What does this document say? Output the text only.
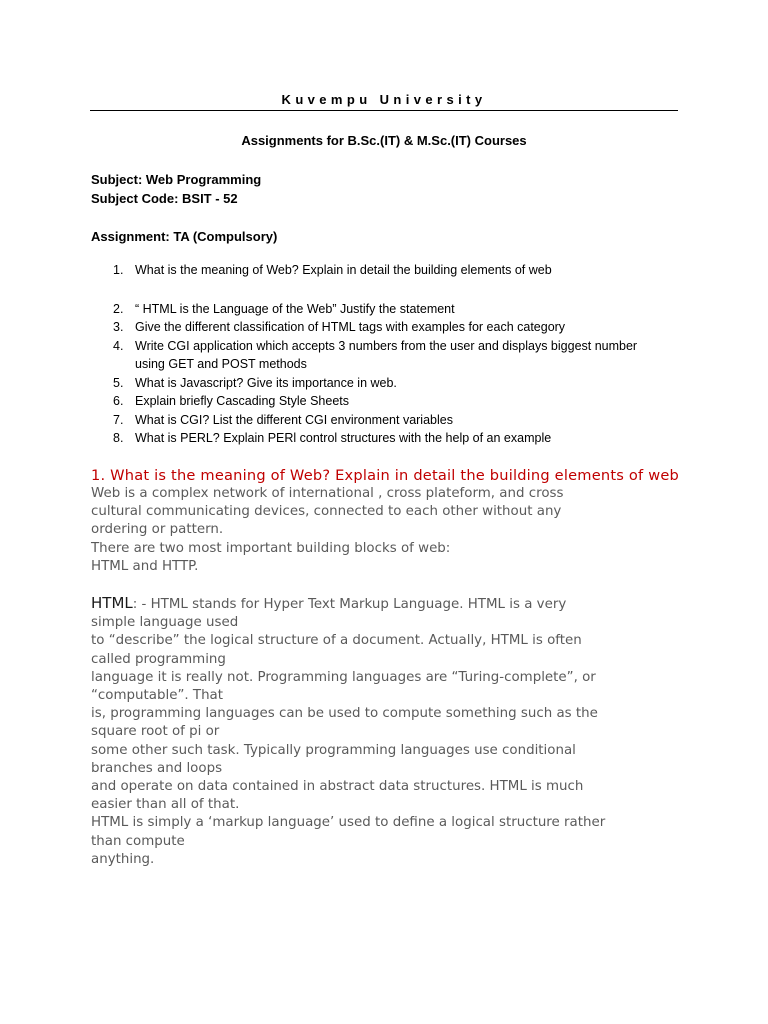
Kuvempu University
Assignments for B.Sc.(IT) & M.Sc.(IT) Courses

Subject: Web Programming

Subject Code: BSIT - 52

Assignment: TA (Compulsory)

1. What is the meaning of Web? Explain in detail the building elements of web
2. “ HTML is the Language of the Web” Justify the statement
3. Give the different classification of HTML tags with examples for each category
4. Write CGI application which accepts 3 numbers from the user and displays biggest number using GET and POST methods
5. What is Javascript? Give its importance in web.
6. Explain briefly Cascading Style Sheets
7. What is CGI? List the different CGI environment variables
8. What is PERL? Explain PERl control structures with the help of an example
1. What is the meaning of Web? Explain in detail the building elements of web

Web is a complex network of international , cross plateform, and cross

cultural communicating devices, connected to each other without any

ordering or pattern.

There are two most important building blocks of web:

HTML and HTTP.

HTML: - HTML stands for Hyper Text Markup Language. HTML is a very

simple language used

to “describe” the logical structure of a document. Actually, HTML is often

called programming

language it is really not. Programming languages are “Turing-complete”, or

“computable”. That

is, programming languages can be used to compute something such as the

square root of pi or

some other such task. Typically programming languages use conditional

branches and loops

and operate on data contained in abstract data structures. HTML is much

easier than all of that.

HTML is simply a ‘markup language’ used to define a logical structure rather

than compute

anything.
